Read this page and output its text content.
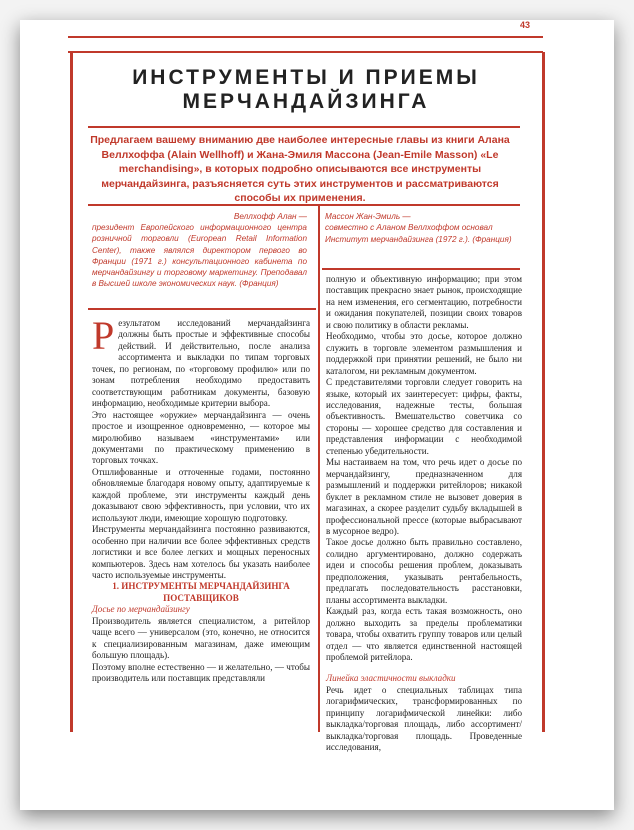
43
ИНСТРУМЕНТЫ И ПРИЕМЫ МЕРЧАНДАЙЗИНГА
Предлагаем вашему вниманию две наиболее интересные главы из книги Алана Веллхоффа (Alain Wellhoff) и Жана-Эмиля Массона (Jean-Emile Masson) «Le merchandising», в которых подробно описываются все инструменты мерчандайзинга, разъясняется суть этих инструментов и рассматриваются способы их применения.
Веллхофф Алан —
президент Европейского информационного центра розничной торговли (European Retail Information Center), также являлся директором первого во Франции (1971 г.) консультационного кабинета по мерчандайзингу и торговому маркетингу. Преподавал в Высшей школе экономических наук. (Франция)
Массон Жан-Эмиль —
совместно с Аланом Веллхоффом основал Институт мерчандайзинга (1972 г.). (Франция)

Результатом исследований мерчандайзинга должны быть простые и эффективные способы действий. И действительно, после анализа ассортимента и выкладки по типам торговых точек, по регионам, по «торговому профилю» или по зонам потребления необходимо предоставить соответствующим работникам документы, базовую информацию, необходимые критерии выбора.

Это настоящее «оружие» мерчандайзинга — очень простое и изощренное одновременно, — которое мы миролюбиво называем «инструментами» или документами по практическому применению в торговых точках.

Отшлифованные и отточенные годами, постоянно обновляемые благодаря новому опыту, адаптируемые к каждой проблеме, эти инструменты каждый день доказывают свою эффективность, при условии, что их используют люди, имеющие хорошую подготовку.

Инструменты мерчандайзинга постоянно развиваются, особенно при наличии все более эффективных средств логистики и все более легких и мощных переносных компьютеров. Здесь нам хотелось бы указать наиболее часто используемые инструменты.

1. ИНСТРУМЕНТЫ МЕРЧАНДАЙЗИНГА ПОСТАВЩИКОВ

Досье по мерчандайзингу

Производитель является специалистом, а ритейлор чаще всего — универсалом (это, конечно, не относится к специализированным магазинам, даже имеющим большую площадь).

Поэтому вполне естественно — и желательно, — чтобы производитель или поставщик представляли

полную и объективную информацию; при этом поставщик прекрасно знает рынок, происходящие на нем изменения, его сегментацию, потребности и ожидания покупателей, позиции своих товаров и свою политику в области рекламы.

Необходимо, чтобы это досье, которое должно служить в торговле элементом размышления и поддержкой при принятии решений, не было ни каталогом, ни рекламным документом.

С представителями торговли следует говорить на языке, который их заинтересует: цифры, факты, исследования, надежные тесты, большая объективность. Вмешательство советчика со стороны — хорошее средство для составления и представления информации с необходимой степенью убедительности.

Мы настаиваем на том, что речь идет о досье по мерчандайзингу, предназначенном для размышлений и поддержки ритейлоров; никакой буклет в рекламном стиле не вызовет доверия в магазинах, а скорее разделит судьбу вкладышей в профессиональной прессе (которые выбрасывают в мусорное ведро).

Такое досье должно быть правильно составлено, солидно аргументировано, должно содержать идеи и способы решения проблем, доказывать предположения, указывать рентабельность, предлагать последовательность расстановки, планы ассортимента выкладки.

Каждый раз, когда есть такая возможность, оно должно выходить за пределы проблематики товара, чтобы охватить группу товаров или целый отдел — что является единственной настоящей проблемой ритейлора.

Линейка эластичности выкладки

Речь идет о специальных таблицах типа логарифмических, трансформированных по принципу логарифмической линейки: либо выкладка/торговая площадь, либо ассортимент/выкладка/торговая площадь. Проведенные исследования,
